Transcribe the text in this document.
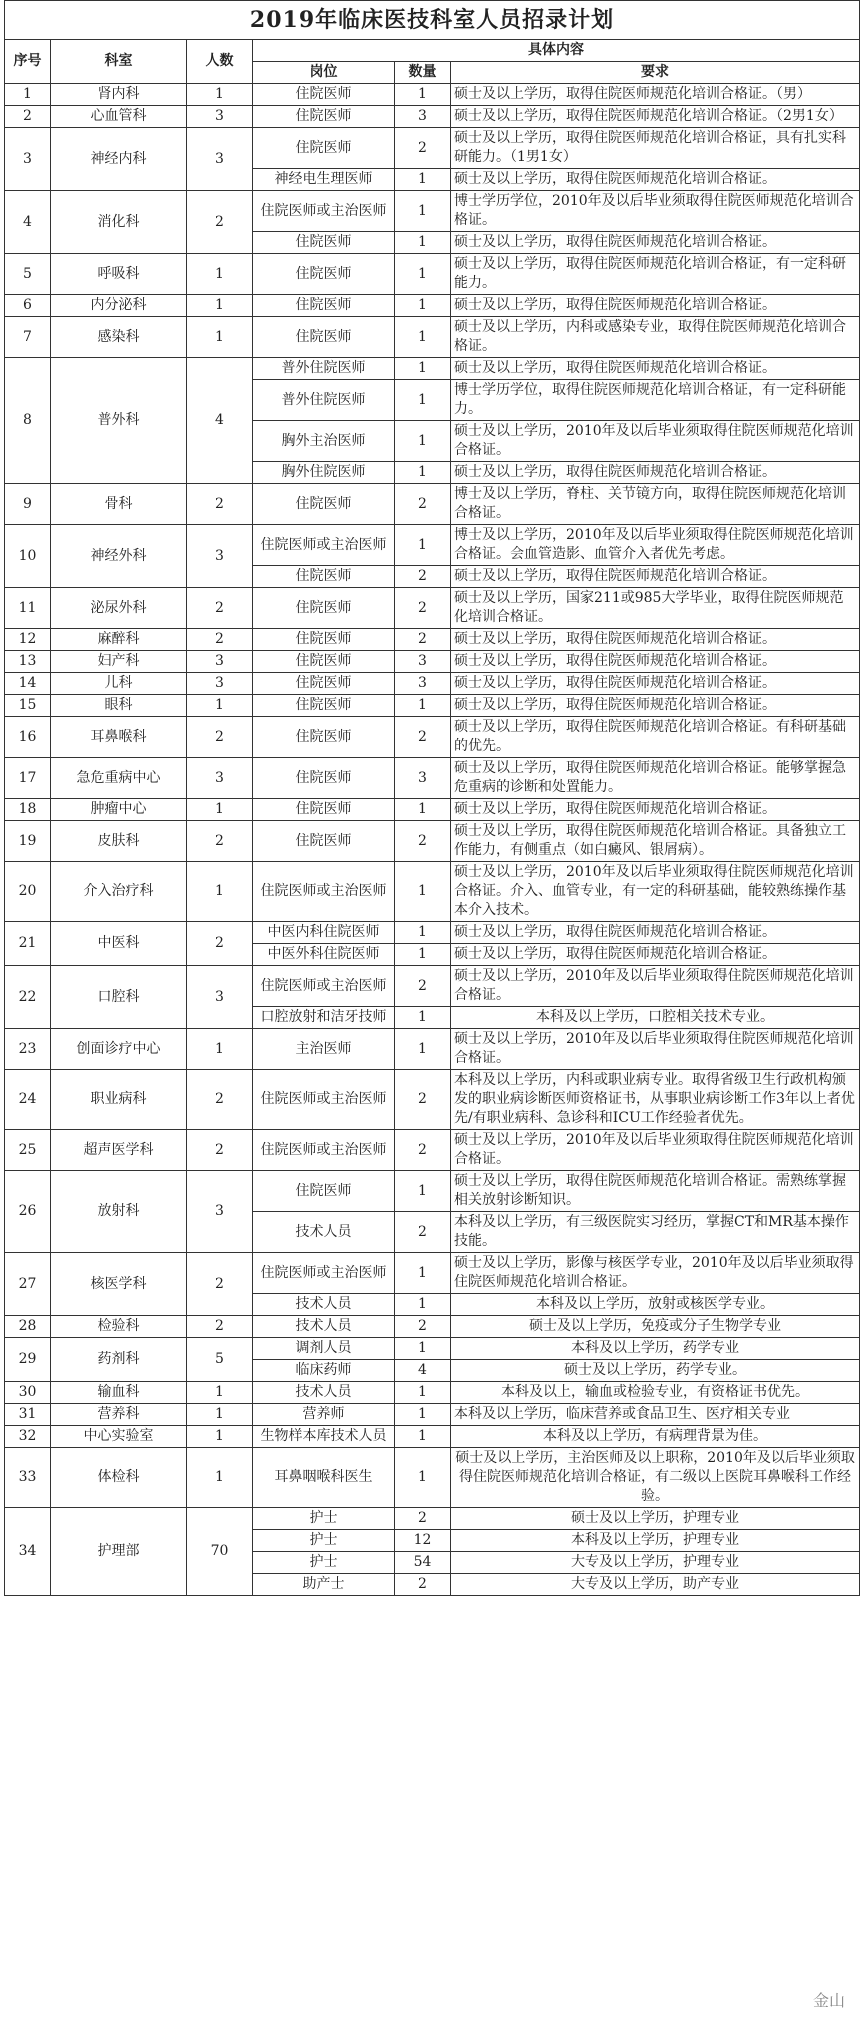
2019年临床医技科室人员招录计划					
序号	科室	人数	具体内容		
			岗位	数量	要求
1	肾内科	1	住院医师	1	硕士及以上学历，取得住院医师规范化培训合格证。（男）
2	心血管科	3	住院医师	3	硕士及以上学历，取得住院医师规范化培训合格证。（2男1女）
3	神经内科	3	住院医师	2	硕士及以上学历，取得住院医师规范化培训合格证，具有扎实科研能力。（1男1女）
			神经电生理医师	1	硕士及以上学历，取得住院医师规范化培训合格证。
4	消化科	2	住院医师或主治医师	1	博士学历学位，2010年及以后毕业须取得住院医师规范化培训合格证。
			住院医师	1	硕士及以上学历，取得住院医师规范化培训合格证。
5	呼吸科	1	住院医师	1	硕士及以上学历，取得住院医师规范化培训合格证，有一定科研能力。
6	内分泌科	1	住院医师	1	硕士及以上学历，取得住院医师规范化培训合格证。
7	感染科	1	住院医师	1	硕士及以上学历，内科或感染专业，取得住院医师规范化培训合格证。
8	普外科	4	普外住院医师	1	硕士及以上学历，取得住院医师规范化培训合格证。
			普外住院医师	1	博士学历学位，取得住院医师规范化培训合格证，有一定科研能力。
			胸外主治医师	1	硕士及以上学历，2010年及以后毕业须取得住院医师规范化培训合格证。
			胸外住院医师	1	硕士及以上学历，取得住院医师规范化培训合格证。
9	骨科	2	住院医师	2	博士及以上学历，脊柱、关节镜方向，取得住院医师规范化培训合格证。
10	神经外科	3	住院医师或主治医师	1	博士及以上学历，2010年及以后毕业须取得住院医师规范化培训合格证。会血管造影、血管介入者优先考虑。
			住院医师	2	硕士及以上学历，取得住院医师规范化培训合格证。
11	泌尿外科	2	住院医师	2	硕士及以上学历，国家211或985大学毕业，取得住院医师规范化培训合格证。
12	麻醉科	2	住院医师	2	硕士及以上学历，取得住院医师规范化培训合格证。
13	妇产科	3	住院医师	3	硕士及以上学历，取得住院医师规范化培训合格证。
14	儿科	3	住院医师	3	硕士及以上学历，取得住院医师规范化培训合格证。
15	眼科	1	住院医师	1	硕士及以上学历，取得住院医师规范化培训合格证。
16	耳鼻喉科	2	住院医师	2	硕士及以上学历，取得住院医师规范化培训合格证。有科研基础的优先。
17	急危重病中心	3	住院医师	3	硕士及以上学历，取得住院医师规范化培训合格证。能够掌握急危重病的诊断和处置能力。
18	肿瘤中心	1	住院医师	1	硕士及以上学历，取得住院医师规范化培训合格证。
19	皮肤科	2	住院医师	2	硕士及以上学历，取得住院医师规范化培训合格证。具备独立工作能力，有侧重点（如白癜风、银屑病）。
20	介入治疗科	1	住院医师或主治医师	1	硕士及以上学历，2010年及以后毕业须取得住院医师规范化培训合格证。介入、血管专业，有一定的科研基础，能较熟练操作基本介入技术。
21	中医科	2	中医内科住院医师	1	硕士及以上学历，取得住院医师规范化培训合格证。
			中医外科住院医师	1	硕士及以上学历，取得住院医师规范化培训合格证。
22	口腔科	3	住院医师或主治医师	2	硕士及以上学历，2010年及以后毕业须取得住院医师规范化培训合格证。
			口腔放射和洁牙技师	1	本科及以上学历，口腔相关技术专业。
23	创面诊疗中心	1	主治医师	1	硕士及以上学历，2010年及以后毕业须取得住院医师规范化培训合格证。
24	职业病科	2	住院医师或主治医师	2	本科及以上学历，内科或职业病专业。取得省级卫生行政机构颁发的职业病诊断医师资格证书，从事职业病诊断工作3年以上者优先/有职业病科、急诊科和ICU工作经验者优先。
25	超声医学科	2	住院医师或主治医师	2	硕士及以上学历，2010年及以后毕业须取得住院医师规范化培训合格证。
26	放射科	3	住院医师	1	硕士及以上学历，取得住院医师规范化培训合格证。需熟练掌握相关放射诊断知识。
			技术人员	2	本科及以上学历，有三级医院实习经历，掌握CT和MR基本操作技能。
27	核医学科	2	住院医师或主治医师	1	硕士及以上学历，影像与核医学专业，2010年及以后毕业须取得住院医师规范化培训合格证。
			技术人员	1	本科及以上学历，放射或核医学专业。
28	检验科	2	技术人员	2	硕士及以上学历，免疫或分子生物学专业
29	药剂科	5	调剂人员	1	本科及以上学历，药学专业
			临床药师	4	硕士及以上学历，药学专业。
30	输血科	1	技术人员	1	本科及以上，输血或检验专业，有资格证书优先。
31	营养科	1	营养师	1	本科及以上学历，临床营养或食品卫生、医疗相关专业
32	中心实验室	1	生物样本库技术人员	1	本科及以上学历，有病理背景为佳。
33	体检科	1	耳鼻咽喉科医生	1	硕士及以上学历，主治医师及以上职称，2010年及以后毕业须取得住院医师规范化培训合格证，有二级以上医院耳鼻喉科工作经验。
34	护理部	70	护士	2	硕士及以上学历，护理专业
			护士	12	本科及以上学历，护理专业
			护士	54	大专及以上学历，护理专业
			助产士	2	大专及以上学历，助产专业
金山
